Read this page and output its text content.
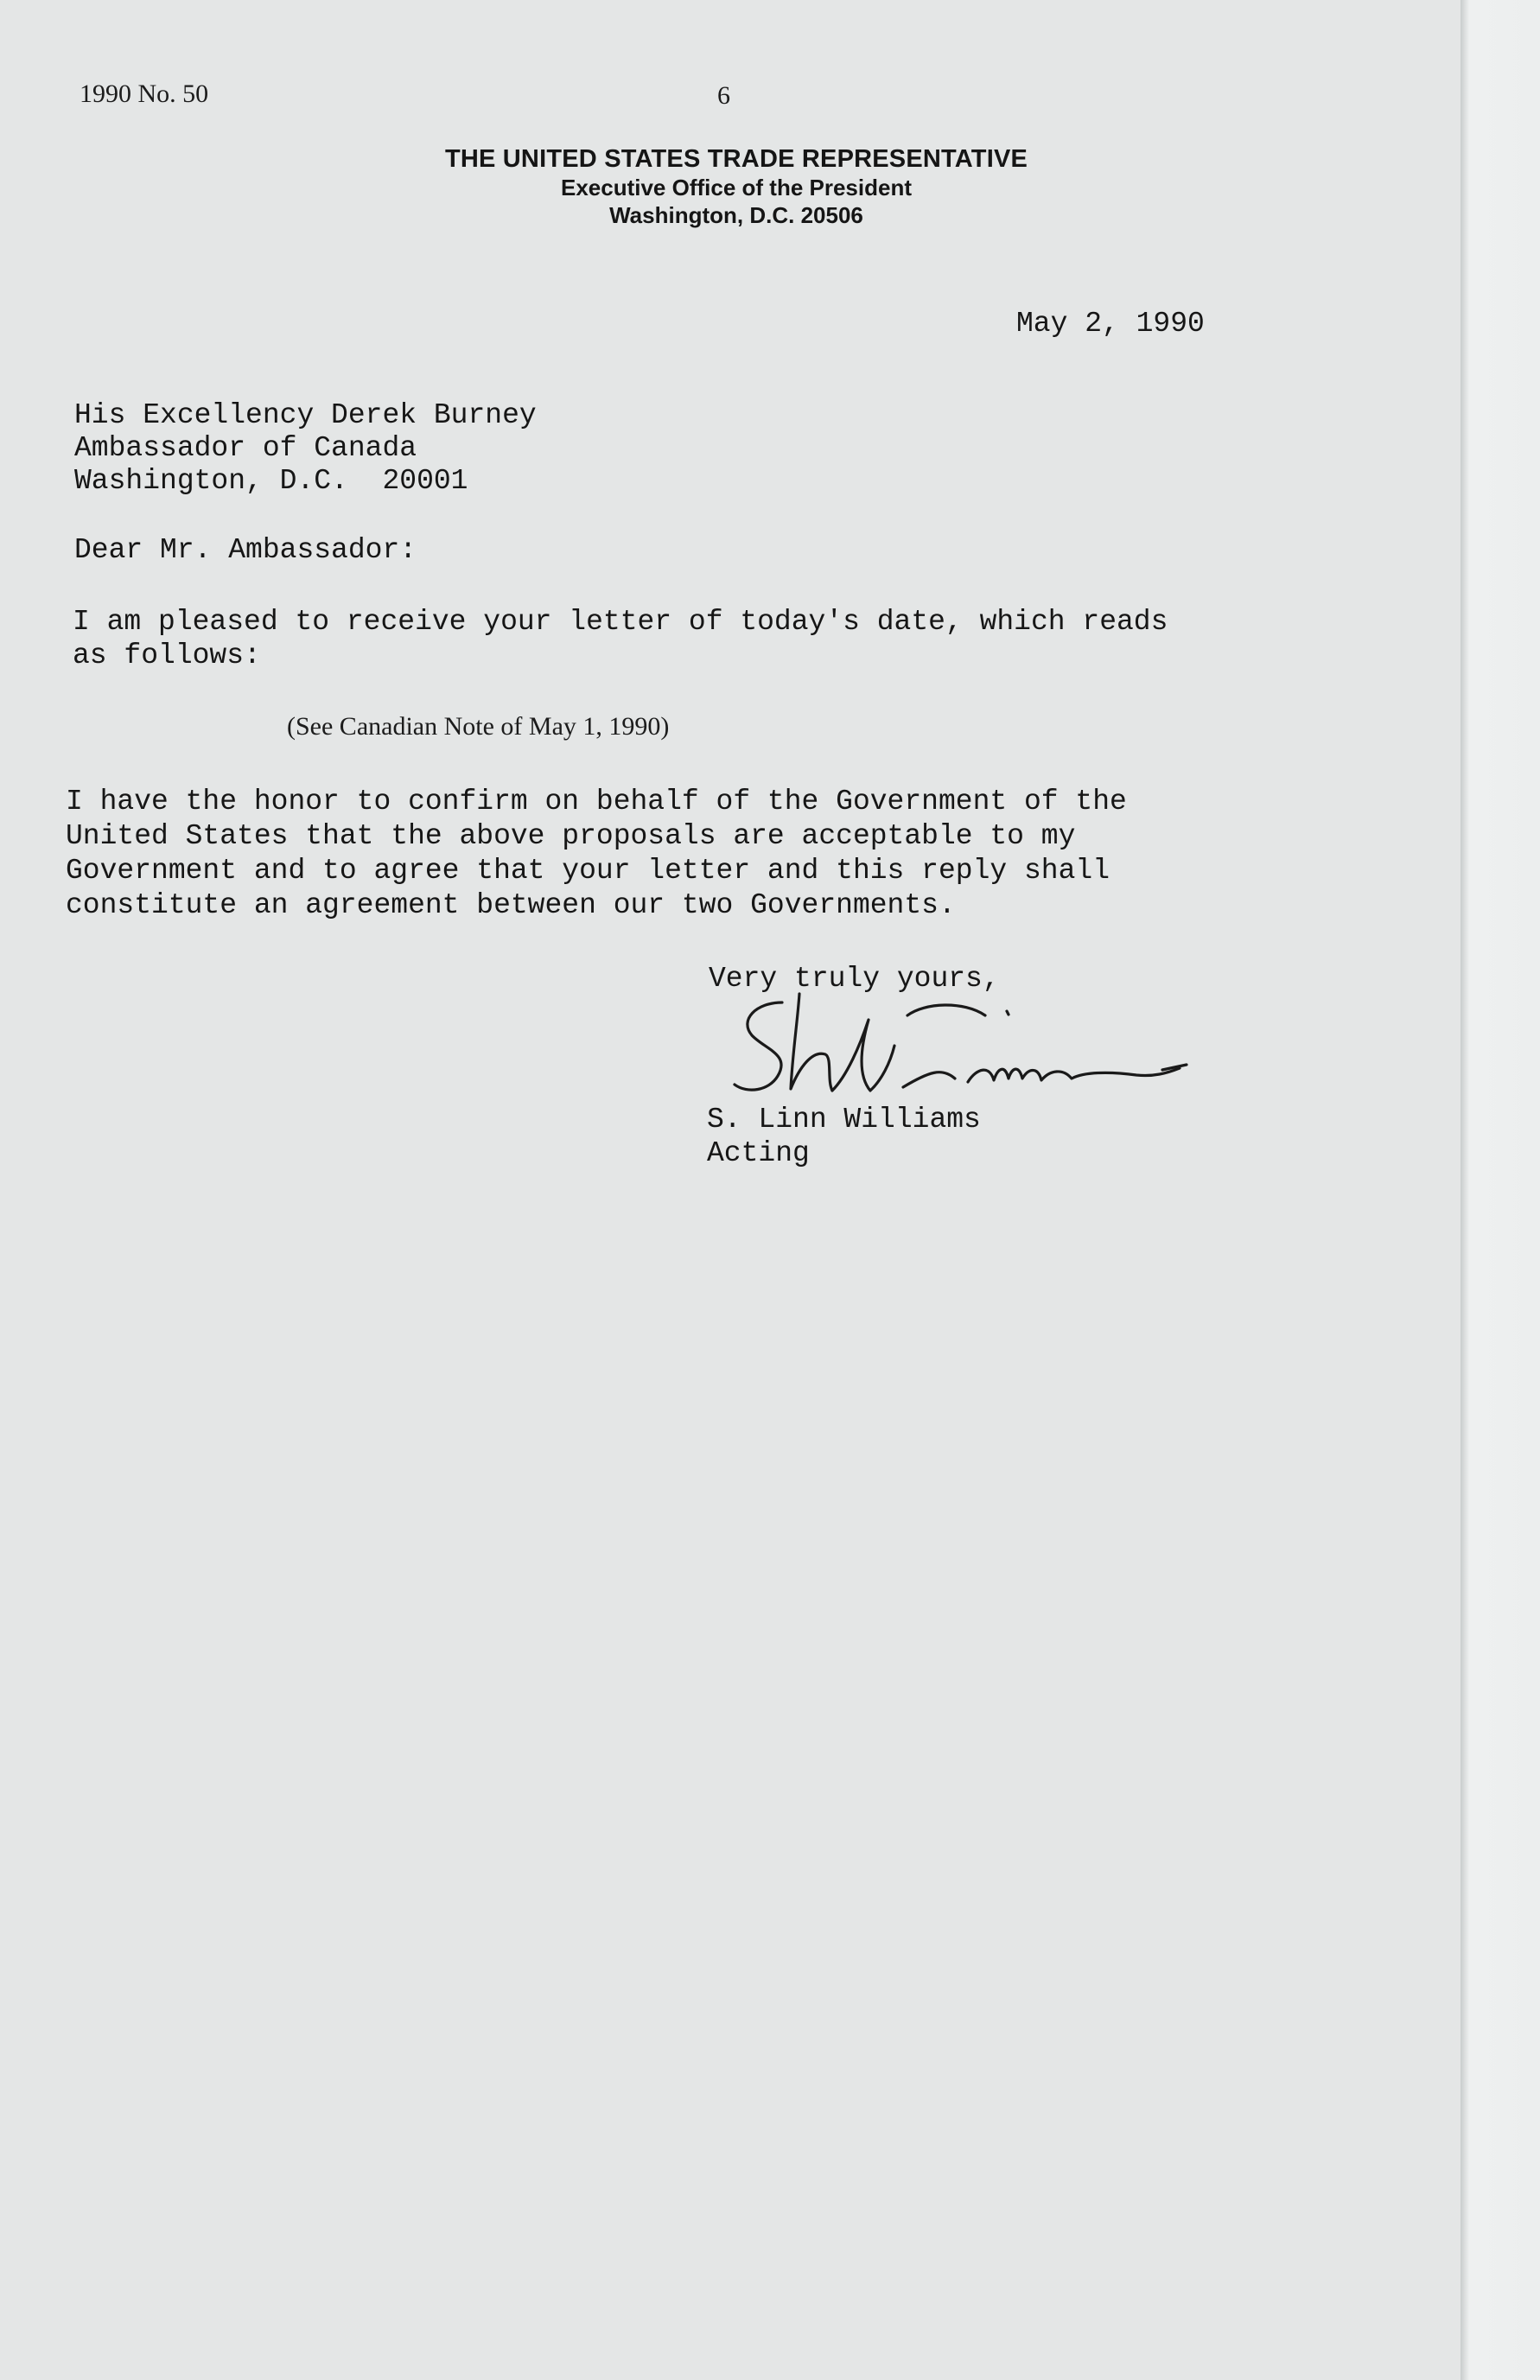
1990 No. 50	6
THE UNITED STATES TRADE REPRESENTATIVE
Executive Office of the President
Washington, D.C. 20506
May 2, 1990
His Excellency Derek Burney
Ambassador of Canada
Washington, D.C.  20001
Dear Mr. Ambassador:
I am pleased to receive your letter of today's date, which reads
as follows:
(See Canadian Note of May 1, 1990)
I have the honor to confirm on behalf of the Government of the
United States that the above proposals are acceptable to my
Government and to agree that your letter and this reply shall
constitute an agreement between our two Governments.
Very truly yours,
S. Linn Williams
Acting
